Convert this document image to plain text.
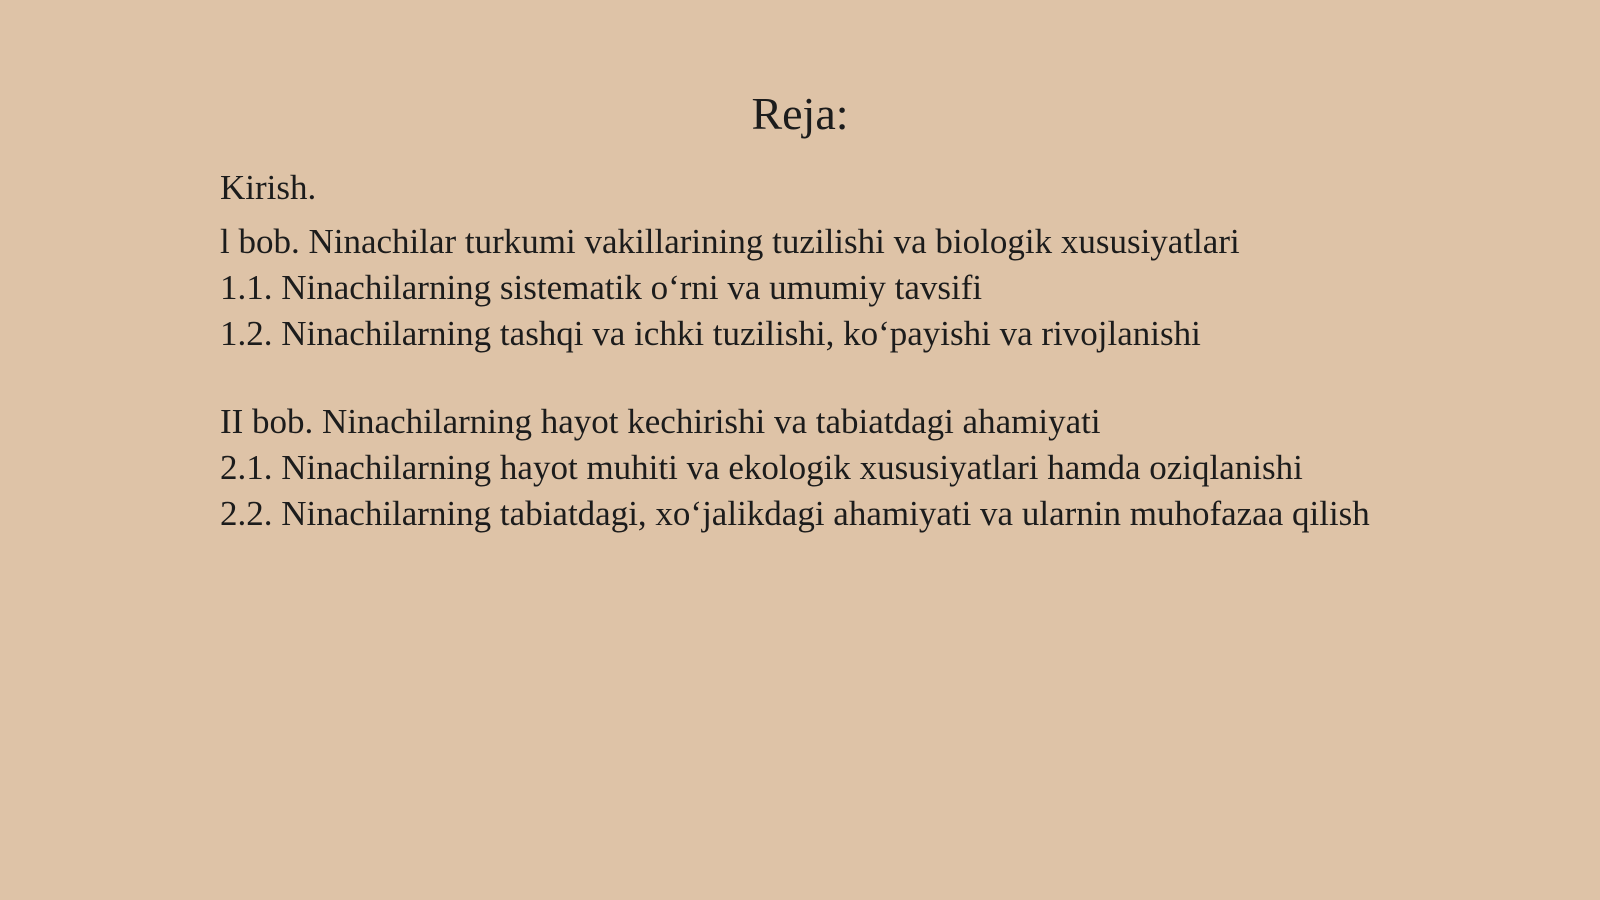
Reja:
Kirish.
l bob. Ninachilar turkumi vakillarining tuzilishi va biologik xususiyatlari
1.1. Ninachilarning sistematik o‘rni va umumiy tavsifi
1.2. Ninachilarning tashqi va ichki tuzilishi, ko‘payishi va rivojlanishi
II bob. Ninachilarning hayot kechirishi va tabiatdagi ahamiyati
2.1. Ninachilarning hayot muhiti va ekologik xususiyatlari hamda oziqlanishi
2.2. Ninachilarning tabiatdagi, xo‘jalikdagi ahamiyati va ularnin muhofazaa qilish
